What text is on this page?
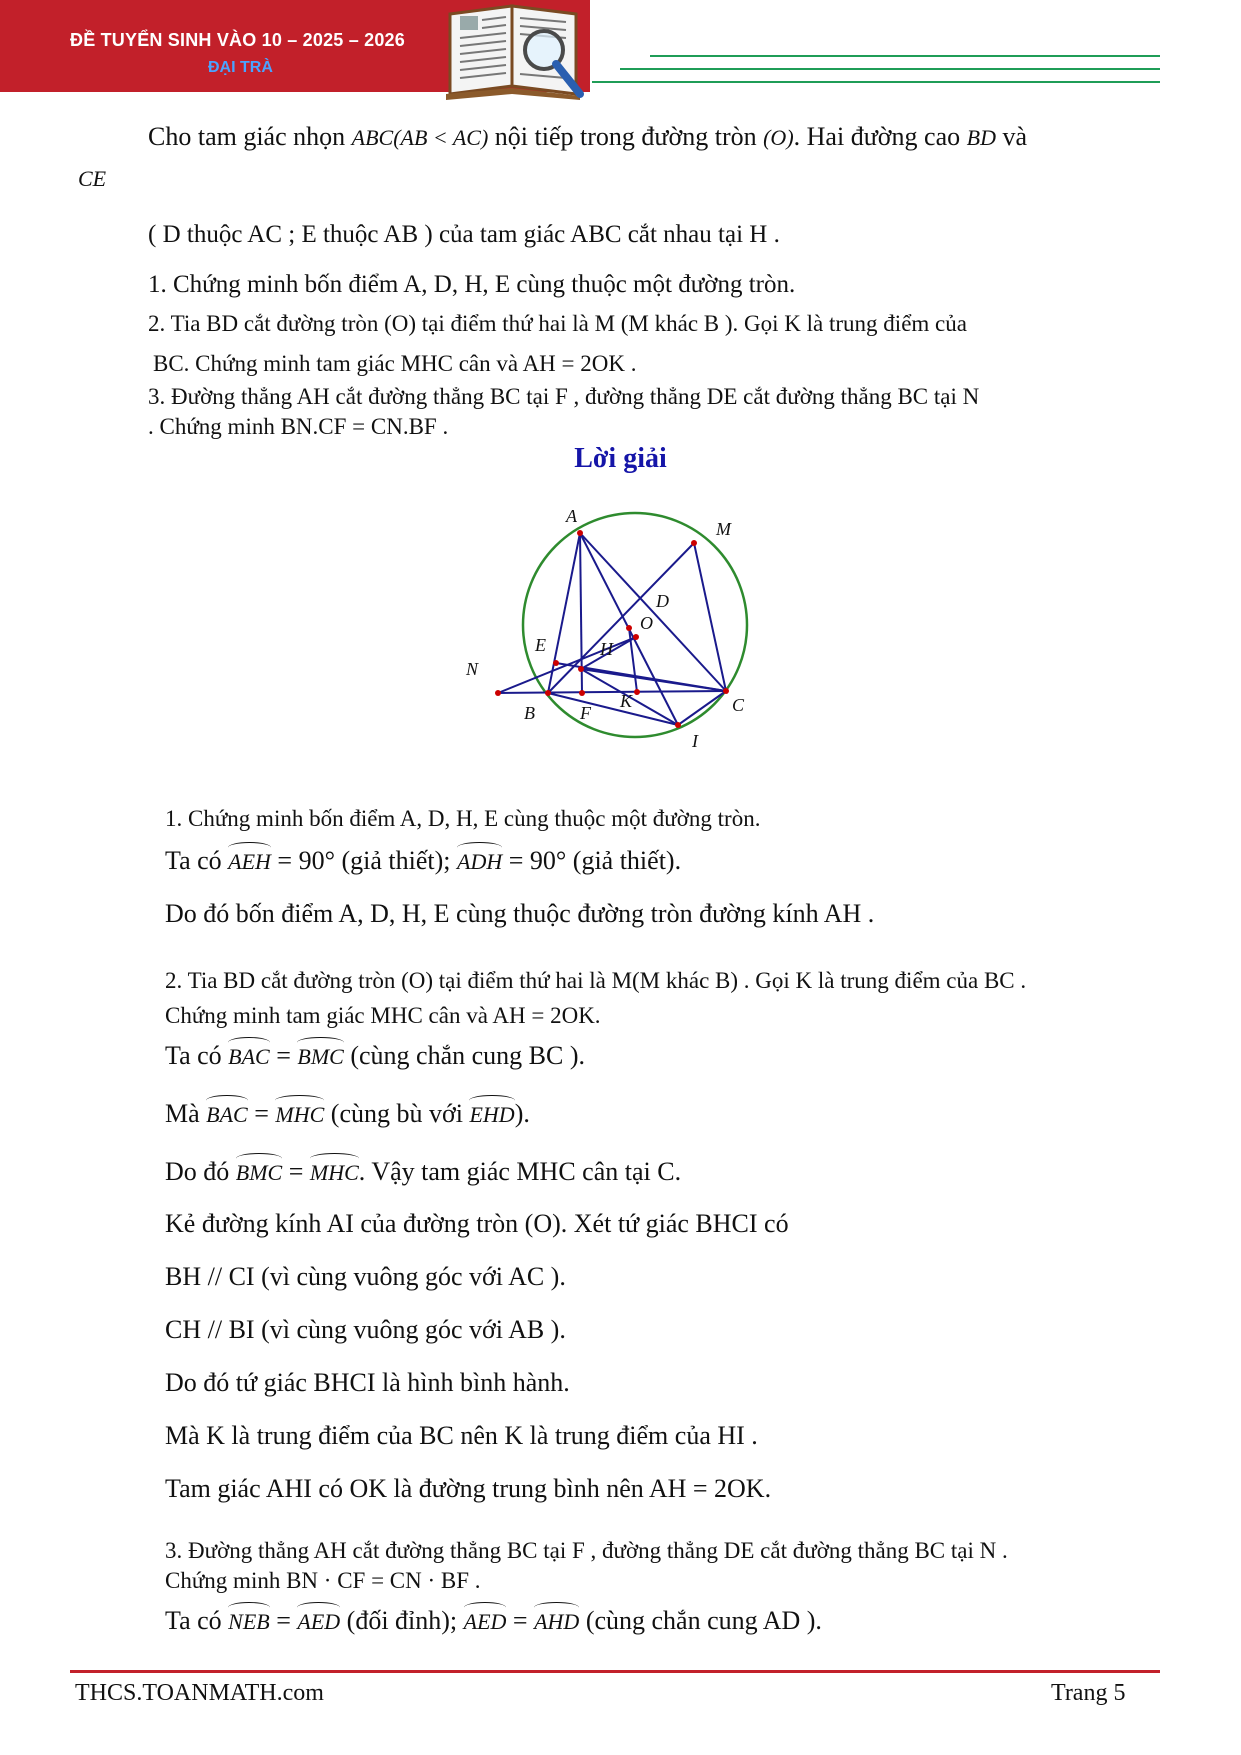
ĐỀ TUYỂN SINH VÀO 10 – 2025 – 2026
ĐẠI TRÀ
Cho tam giác nhọn ABC(AB < AC) nội tiếp trong đường tròn (O). Hai đường cao BD và
CE
( D thuộc AC ; E thuộc AB ) của tam giác ABC cắt nhau tại H .
1. Chứng minh bốn điểm A, D, H, E cùng thuộc một đường tròn.
2. Tia BD cắt đường tròn (O) tại điểm thứ hai là M (M khác B ). Gọi K là trung điểm của
BC. Chứng minh tam giác MHC cân và AH = 2OK .
3. Đường thẳng AH cắt đường thẳng BC tại F , đường thẳng DE cắt đường thẳng BC tại N
. Chứng minh BN.CF = CN.BF .
Lời giải
A
M
D
O
E	H
N
B	F
K	C
I
1. Chứng minh bốn điểm A, D, H, E cùng thuộc một đường tròn.
Ta có AEH = 90° (giả thiết); ADH = 90° (giả thiết).
Do đó bốn điểm A, D, H, E cùng thuộc đường tròn đường kính AH .
2. Tia BD cắt đường tròn (O) tại điểm thứ hai là M(M khác B) . Gọi K là trung điểm của BC .
Chứng minh tam giác MHC cân và AH = 2OK.
Ta có BAC = BMC (cùng chắn cung BC ).
Mà BAC = MHC (cùng bù với EHD).
Do đó BMC = MHC. Vậy tam giác MHC cân tại C.
Kẻ đường kính AI của đường tròn (O). Xét tứ giác BHCI có
BH // CI (vì cùng vuông góc với AC ).
CH // BI (vì cùng vuông góc với AB ).
Do đó tứ giác BHCI là hình bình hành.
Mà K là trung điểm của BC nên K là trung điểm của HI .
Tam giác AHI có OK là đường trung bình nên AH = 2OK.
3. Đường thẳng AH cắt đường thẳng BC tại F , đường thẳng DE cắt đường thẳng BC tại N .
Chứng minh BN · CF = CN · BF .
Ta có NEB = AED (đối đỉnh); AED = AHD (cùng chắn cung AD ).
THCS.TOANMATH.com	Trang 5
